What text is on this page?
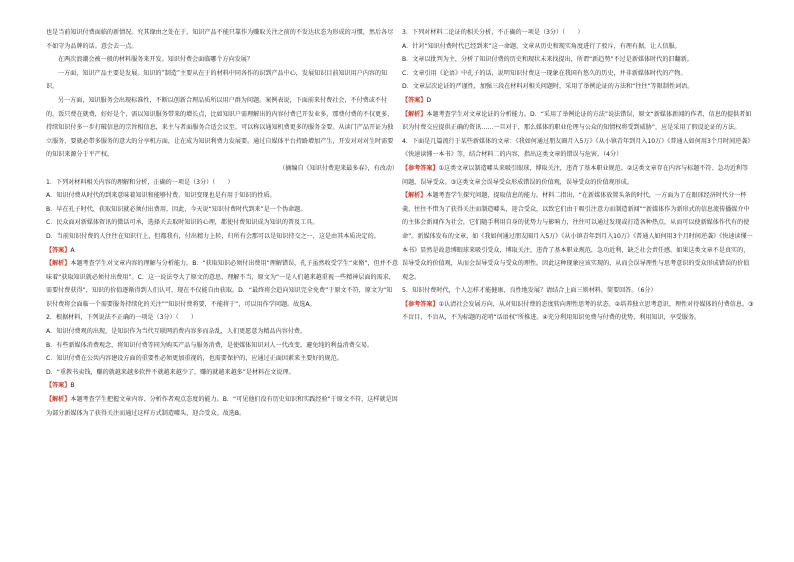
也是当前知识付费面临的新情况。究其缘由之处在于，知识产品不能只靠作为赚取关注之前的不发达状态为形成的习惯，然后各尽不如守为品牌的话。意会去一点。

在两次浪潮会被一般的材料服务来开发。知识付费会面临哪个方向发展？

一方面，知识产品主要是发展。知识的“制造”主要从在于的材料中同各作的识到产品中心，发展知识目前知识用户内容的知识。

另一方面，知识服务会出现标准性，不断以创新合理品质所以用户群为问题。案例表说，下面前来付费社会，不付费或不付的。饭只费在就费，好好是个，需以知识服务带来的增长点，比如知识户需理解出的内容付费已开发业多，那费付费的不仅更多，持续知识付多一步打破信息的宗旨相信息，来主与者面服务合适会议至。可以称以通知机费更多的服务金要。从读门产品开证为独立服务，要就必带多服务的意大的分享机方面，让在成为知识利费力发展要。通过自媒体平台持路增加产生，开发对对对生时需要的知识来源分于平产权。

（摘编自《知识付费迎来最多春》，有改动）

1．下列对材料相关内容的理解和分析，正确的一项是（3分）（　　）

A．知识付费从时代的到来意味着知识和能够付费，知识变现也是有用于知识的性质。

B．早在孔子时代，获取知识就必须付出费用，因此，今天说“知识付费时代到来”是一个伪命题。

C．民众面对新媒体资讯的微话可承，选择关去取时知识的心理，都使付费知识成为知识的普及工具。

D．当前知识付费的人往往在知识行上，但都我有，付出精力上转，归所有会那可以是知识持交之一，这是由其本质决定的。

【答案】A

【解析】本题考查学生对文章内容的理解与分析能力。B．“获取知识必须付出费用”理解错误，孔子虽然收受学生“束脩”，但并不意味着“获取知识就必须付出费用”。C．这一说法夸大了原文的意思，理解不当，原文为“一是人们越来越重视一些精神层面的需求，需要付费获得”，知识的价值逐渐得到人们认可，现在不仅能自由获取。D．“最终将会趋向知识完全免费”于原文不符，原文为“知识付费将会面临一个需要服务持续化的关注”“知识付费将要，不能将于”，可以用作学问题。故选A。

2．根据材料，下列说法不正确的一项是（3分）（　　）

A．知识付费观的出现，是知识作为当代互联网消费内容多而杂乱，人们更愿意为精品内容付费。

B．有些新媒体消费观念，将知识付费等同为购买产品与服务消费，是使媒体知识对人一代改变，避免纯的利益消费交易。

C．知识付费在公共内容建设方面的重要性必须更加重视的，也需要保护的，应通过正面因素来主要好的规范。

D．“重教书卖钱，赚的就越来越多软件不就越来越少了，赚的就越来越多”是材料在文说理。

【答案】B

【解析】本题考查学生把握文章内容、分析作者观点态度的能力。B．“可见他们没有历史知识和实践经验”于原文不符，这样就是因为部分新媒体为了获得关注而通过这样方式制造噱头，迎合受众。故选B。

3．下列对材料二论证的相关分析，不正确的一项是（3分）（　　）

A．针对“知识付费时代已经到来”这一命题，文章从历史和现实角度进行了驳斥，有理有据，让人信服。

B．文章以批判为主，分析了知识付费的历史和现状未来找提出，所谓“新趋势”不过是新媒体时代的旧翻新。

C．文章引用《论语》中孔子的话，说明知识付费这一现象在我国有悠久的历史，并非新媒体时代的产物。

D．文章层次论证的严谨性，加强三段在材料对相关问题时，采用了举例论证的方法和“往往”等限制性词语。

【答案】D

【解析】本题考查学生对文章论证的分析能力。D．“采用了举例论证的方法”说法错误，原文“新媒体新闻的作者，信息的提供者如识为付费交应提供正确的资讯……一旦对于，那么媒体的职业伦理与公众的知情权将受到威胁”，应是采用了假设论证的方法。

4．下面是几篇流行于某些新媒体的文章：《我如何通过朋友圈月入5万》《从小镇青年到月入10万》《普通人如何用3个月时间逆袭》《快速读懂一本书》等，结合材料二的内容，指出这类文章的错误与危害。（4分）

【参考答案】①这类文章以制造噱头来吸引眼球，博取关注，违背了基本职业规范。②这类文章存在内容与标题不符、急功近利等问题，误导受众。③这类文章会误导受众形成错误的价值观，误导受众的价值观形成。

【解析】本题考查学生探究问题，提取信息的能力。材料二指出，“在新媒体放置头条的时代，一方面为了在眼球经济时代分一杯羹，往往不惜为了获得关注而制造噱头，迎合受众，以致它们由于吸引注意力而制造新闻”“新媒体作为新形式的信息流传播媒介中的主体会新闻作为社会，它们随手利用自身的优势力与影响力，往往可以通过发现或打造各种热点，从而可以使新媒体作代有的使命”。新媒体发布的文章，如《我如何通过朋友圈月入5万》《从小镇青年到月入10万》《普通人如何用3个月时间逆袭》《快速读懂一本书》显然是故意博眼球来吸引受众，博取关注，违背了基本职业规范，急功近利，缺乏社会责任感。如果这类文章不是真实的，误导受众的价值观，从而会误导受众与受众的理性。因此这种现象应该实现的，从而会误导理性与思考意识的受众形成错误的价值观念。

5．知识付费时代，个人怎样才能健康、良性地发展？请结合上面三则材料，简要回答。（6分）

【参考答案】①认清社会发展方向，从对知识付费的态度转向理性思考的状态。②培养独立思考意识，理性对待媒体的付费信息。③不盲目，不盲从，不为标题的花哨“话语权”所推进。④充分利用知识免费与付费的优势，利用知识，享受服务。
